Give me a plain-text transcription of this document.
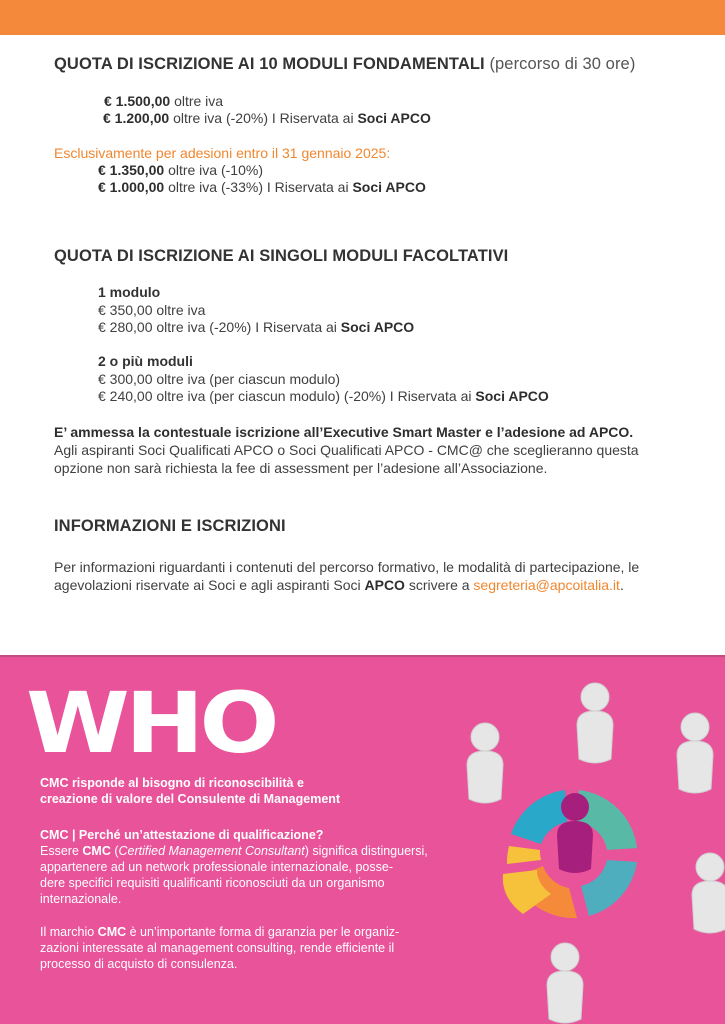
QUOTA DI ISCRIZIONE AI 10 MODULI FONDAMENTALI (percorso di 30 ore)
€ 1.500,00 oltre iva
€ 1.200,00 oltre iva (-20%) I Riservata ai Soci APCO
Esclusivamente per adesioni entro il 31 gennaio 2025:
€ 1.350,00 oltre iva (-10%)
€ 1.000,00 oltre iva (-33%) I Riservata ai Soci APCO
QUOTA DI ISCRIZIONE AI SINGOLI MODULI FACOLTATIVI
1 modulo
€ 350,00 oltre iva
€ 280,00 oltre iva (-20%) I Riservata ai Soci APCO
2 o più moduli
€ 300,00 oltre iva (per ciascun modulo)
€ 240,00 oltre iva (per ciascun modulo) (-20%) I Riservata ai Soci APCO
E’ ammessa la contestuale iscrizione all’Executive Smart Master e l’adesione ad APCO.
Agli aspiranti Soci Qualificati APCO o Soci Qualificati APCO - CMC@ che sceglieranno questa
opzione non sarà richiesta la fee di assessment per l’adesione all’Associazione.
INFORMAZIONI E ISCRIZIONI
Per informazioni riguardanti i contenuti del percorso formativo, le modalità di partecipazione, le
agevolazioni riservate ai Soci e agli aspiranti Soci APCO scrivere a segreteria@apcoitalia.it.
WHO
CMC risponde al bisogno di riconoscibilità e
creazione di valore del Consulente di Management
CMC | Perché un’attestazione di qualificazione?
Essere CMC (Certified Management Consultant) significa distinguersi,
appartenere ad un network professionale internazionale, posse-
dere specifici requisiti qualificanti riconosciuti da un organismo
internazionale.
Il marchio CMC è un’importante forma di garanzia per le organiz-
zazioni interessate al management consulting, rende efficiente il
processo di acquisto di consulenza.
